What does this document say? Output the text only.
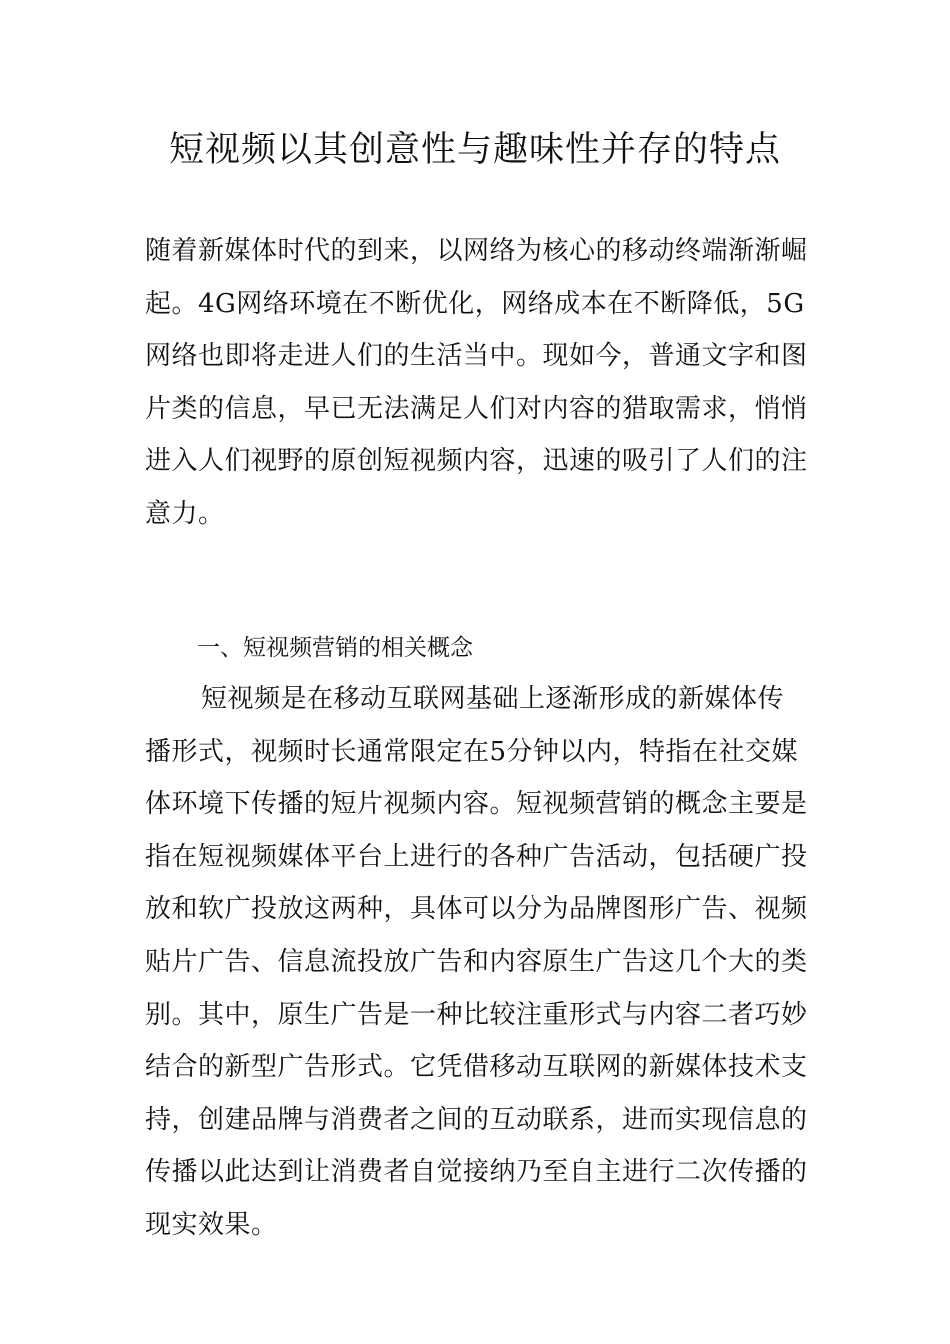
短视频以其创意性与趣味性并存的特点
随着新媒体时代的到来，以网络为核心的移动终端渐渐崛起。4G网络环境在不断优化，网络成本在不断降低，5G网络也即将走进人们的生活当中。现如今，普通文字和图片类的信息，早已无法满足人们对内容的猎取需求，悄悄进入人们视野的原创短视频内容，迅速的吸引了人们的注意力。
一、短视频营销的相关概念
短视频是在移动互联网基础上逐渐形成的新媒体传播形式，视频时长通常限定在5分钟以内，特指在社交媒体环境下传播的短片视频内容。短视频营销的概念主要是指在短视频媒体平台上进行的各种广告活动，包括硬广投放和软广投放这两种，具体可以分为品牌图形广告、视频贴片广告、信息流投放广告和内容原生广告这几个大的类别。其中，原生广告是一种比较注重形式与内容二者巧妙结合的新型广告形式。它凭借移动互联网的新媒体技术支持，创建品牌与消费者之间的互动联系，进而实现信息的传播以此达到让消费者自觉接纳乃至自主进行二次传播的现实效果。
